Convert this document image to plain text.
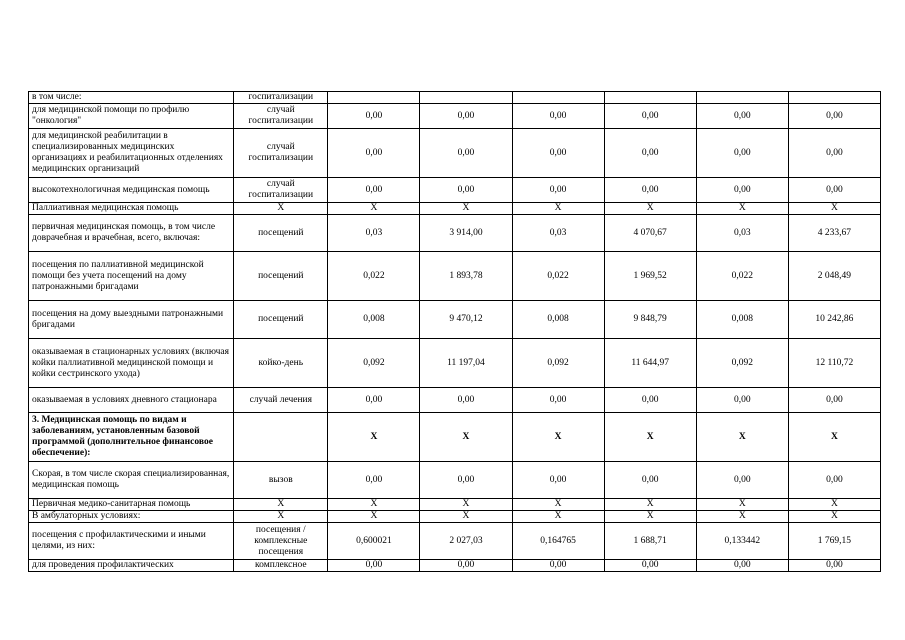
в том числе:	госпитализации						
для медицинской помощи по профилю "онкология"	случай госпитализации	0,00	0,00	0,00	0,00	0,00	0,00
для медицинской реабилитации в специализированных медицинских организациях и реабилитационных отделениях медицинских организаций	случай госпитализации	0,00	0,00	0,00	0,00	0,00	0,00
высокотехнологичная медицинская помощь	случай госпитализации	0,00	0,00	0,00	0,00	0,00	0,00
Паллиативная медицинская помощь	X	X	X	X	X	X	X
первичная медицинская помощь, в том числе доврачебная и врачебная, всего, включая:	посещений	0,03	3 914,00	0,03	4 070,67	0,03	4 233,67
посещения по паллиативной медицинской помощи без учета посещений на дому патронажными бригадами	посещений	0,022	1 893,78	0,022	1 969,52	0,022	2 048,49
посещения на дому выездными патронажными бригадами	посещений	0,008	9 470,12	0,008	9 848,79	0,008	10 242,86
оказываемая в стационарных условиях (включая койки паллиативной медицинской помощи и койки сестринского ухода)	койко-день	0,092	11 197,04	0,092	11 644,97	0,092	12 110,72
оказываемая в условиях дневного стационара	случай лечения	0,00	0,00	0,00	0,00	0,00	0,00
3. Медицинская помощь по видам и заболеваниям, установленным базовой программой (дополнительное финансовое обеспечение):		X	X	X	X	X	X
Скорая, в том числе скорая специализированная, медицинская помощь	вызов	0,00	0,00	0,00	0,00	0,00	0,00
Первичная медико-санитарная помощь	X	X	X	X	X	X	X
В амбулаторных условиях:	X	X	X	X	X	X	X
посещения с профилактическими и иными целями, из них:	посещения / комплексные посещения	0,600021	2 027,03	0,164765	1 688,71	0,133442	1 769,15
для проведения профилактических	комплексное	0,00	0,00	0,00	0,00	0,00	0,00
